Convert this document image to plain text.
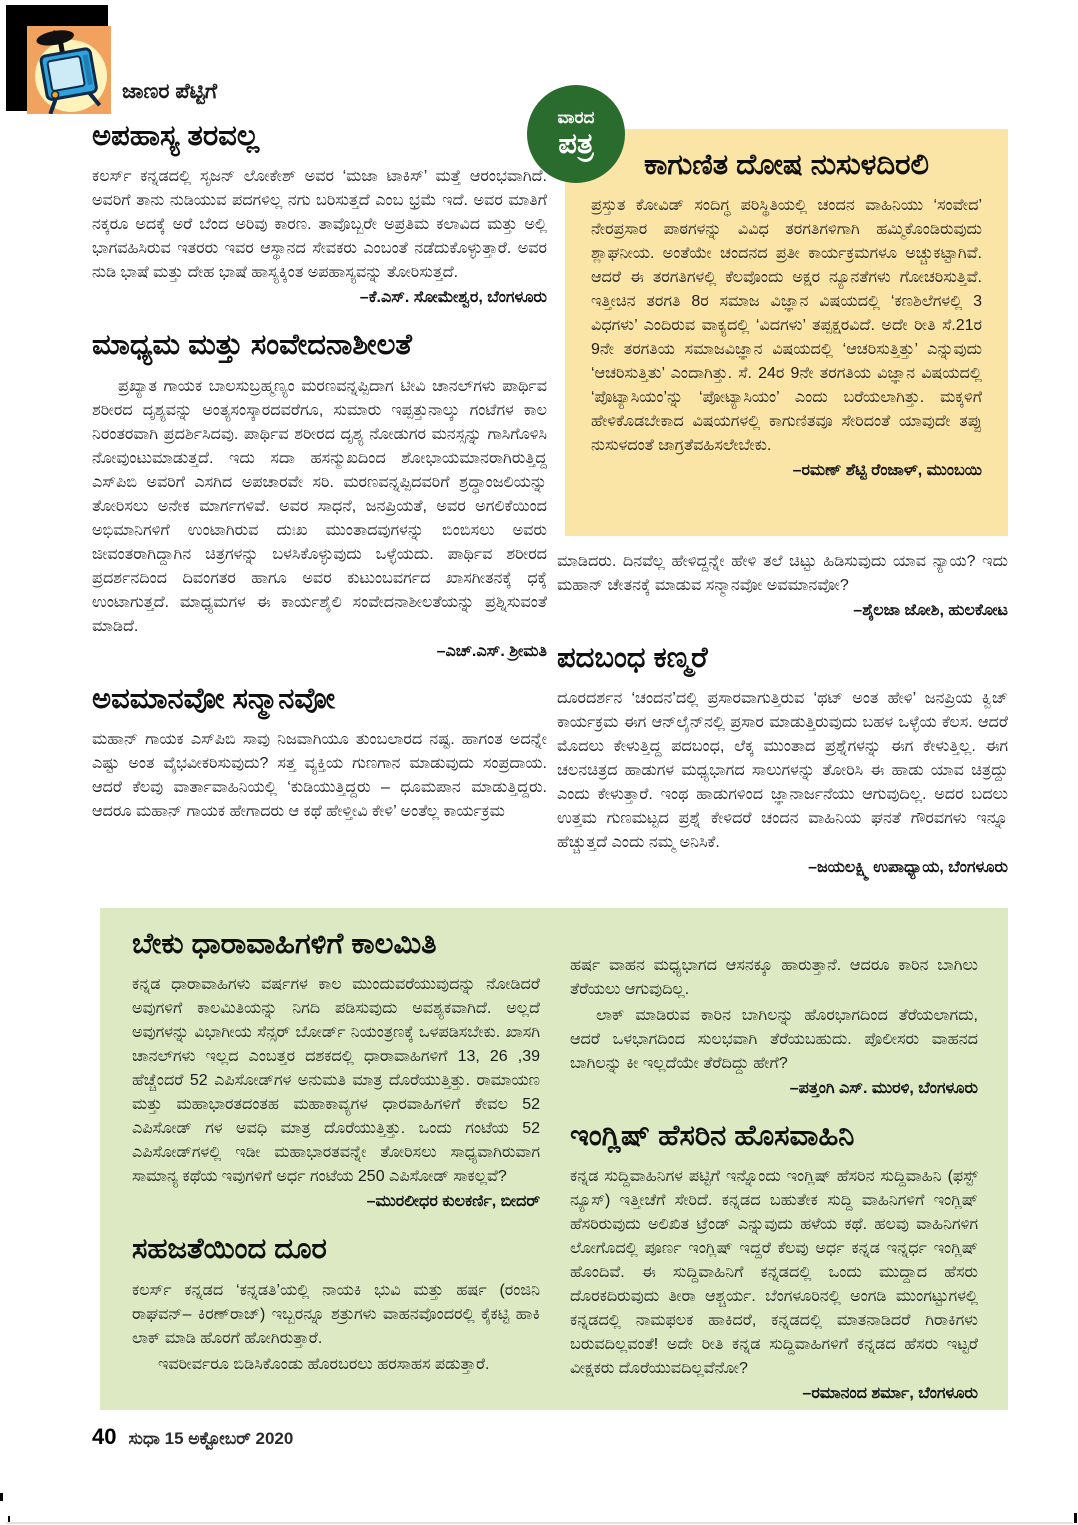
ಜಾಣರ ಪೆಟ್ಟಿಗೆ
ವಾರದ
ಪತ್ರ
ಕಾಗುಣಿತ ದೋಷ ನುಸುಳದಿರಲಿ

ಪ್ರಸ್ತುತ ಕೋವಿಡ್ ಸಂದಿಗ್ಧ ಪರಿಸ್ಥಿತಿಯಲ್ಲಿ ಚಂದನ ವಾಹಿನಿಯು ‘ಸಂವೇದ’ ನೇರಪ್ರಸಾರ ಪಾಠಗಳನ್ನು ವಿವಿಧ ತರಗತಿಗಳಿಗಾಗಿ ಹಮ್ಮಿಕೊಂಡಿರುವುದು ಶ್ಲಾಘನೀಯ. ಅಂತೆಯೇ ಚಂದನದ ಪ್ರತೀ ಕಾರ್ಯಕ್ರಮಗಳೂ ಅಚ್ಚುಕಟ್ಟಾಗಿವೆ. ಆದರೆ ಈ ತರಗತಿಗಳಲ್ಲಿ ಕೆಲವೊಂದು ಅಕ್ಷರ ನ್ಯೂನತೆಗಳು ಗೋಚರಿಸುತ್ತಿವೆ. ಇತ್ತೀಚಿನ ತರಗತಿ 8ರ ಸಮಾಜ ವಿಜ್ಞಾನ ವಿಷಯದಲ್ಲಿ ‘ಕಣಶಿಲೆಗಳಲ್ಲಿ 3 ವಿಧಗಳು’ ಎಂದಿರುವ ವಾಕ್ಯದಲ್ಲಿ ‘ವಿದಗಳು’ ತಪ್ಪಕ್ಷರವಿದೆ. ಅದೇ ರೀತಿ ಸೆ.21ರ 9ನೇ ತರಗತಿಯ ಸಮಾಜವಿಜ್ಞಾನ ವಿಷಯದಲ್ಲಿ ‘ಆಚರಿಸುತ್ತಿತ್ತು’ ಎನ್ನುವುದು ‘ಆಚರಿಸುತ್ತಿತು’ ಎಂದಾಗಿತ್ತು. ಸೆ. 24ರ 9ನೇ ತರಗತಿಯ ವಿಜ್ಞಾನ ವಿಷಯದಲ್ಲಿ ‘ಪೊಟ್ಯಾಸಿಯಂ’ನ್ನು ‘ಪೋಟ್ಯಾಸಿಯಂ’ ಎಂದು ಬರೆಯಲಾಗಿತ್ತು. ಮಕ್ಕಳಿಗೆ ಹೇಳಿಕೊಡಬೇಕಾದ ವಿಷಯಗಳಲ್ಲಿ ಕಾಗುಣಿತವೂ ಸೇರಿದಂತೆ ಯಾವುದೇ ತಪ್ಪು ನುಸುಳದಂತೆ ಜಾಗ್ರತೆವಹಿಸಲೇಬೇಕು.

–ರಮಣ್ ಶೆಟ್ಟಿ ರೆಂಜಾಳ್, ಮುಂಬಯಿ
ಅಪಹಾಸ್ಯ ತರವಲ್ಲ

ಕಲರ್ಸ್ ಕನ್ನಡದಲ್ಲಿ ಸೃಜನ್ ಲೋಕೇಶ್ ಅವರ ‘ಮಜಾ ಟಾಕಿಸ್’ ಮತ್ತೆ ಆರಂಭವಾಗಿದೆ. ಅವರಿಗೆ ತಾನು ನುಡಿಯುವ ಪದಗಳಿಲ್ಲ ನಗು ಬರಿಸುತ್ತದೆ ಎಂಬ ಭ್ರಮೆ ಇದೆ. ಅವರ ಮಾತಿಗೆ ನಕ್ಕರೂ ಅದಕ್ಕೆ ಅರೆ ಬೆಂದ ಅರಿವು ಕಾರಣ. ತಾವೊಬ್ಬರೇ ಅಪ್ರತಿಮ ಕಲಾವಿದ ಮತ್ತು ಅಲ್ಲಿ ಭಾಗವಹಿಸಿರುವ ಇತರರು ಇವರ ಆಸ್ಥಾನದ ಸೇವಕರು ಎಂಬಂತೆ ನಡೆದುಕೊಳ್ಳುತ್ತಾರೆ. ಅವರ ನುಡಿ ಭಾಷೆ ಮತ್ತು ದೇಹ ಭಾಷೆ ಹಾಸ್ಯಕ್ಕಿಂತ ಅಪಹಾಸ್ಯವನ್ನು ತೋರಿಸುತ್ತದೆ.

–ಕೆ.ಎಸ್. ಸೋಮೇಶ್ವರ, ಬೆಂಗಳೂರು
ಮಾಧ್ಯಮ ಮತ್ತು ಸಂವೇದನಾಶೀಲತೆ

ಪ್ರಖ್ಯಾತ ಗಾಯಕ ಬಾಲಸುಬ್ರಹ್ಮಣ್ಯಂ ಮರಣವನ್ನಪ್ಪಿದಾಗ ಟೀವಿ ಚಾನಲ್‌ಗಳು ಪಾರ್ಥಿವ ಶರೀರದ ದೃಶ್ಯವನ್ನು ಅಂತ್ಯಸಂಸ್ಕಾರದವರೆಗೂ, ಸುಮಾರು ಇಪ್ಪತ್ತುನಾಲ್ಕು ಗಂಟೆಗಳ ಕಾಲ ನಿರಂತರವಾಗಿ ಪ್ರದರ್ಶಿಸಿದವು. ಪಾರ್ಥಿವ ಶರೀರದ ದೃಶ್ಯ ನೋಡುಗರ ಮನಸ್ಸನ್ನು ಗಾಸಿಗೊಳಿಸಿ ನೋವುಂಟುಮಾಡುತ್ತದೆ. ಇದು ಸದಾ ಹಸನ್ಮುಖದಿಂದ ಶೋಭಾಯಮಾನರಾಗಿರುತ್ತಿದ್ದ ಎಸ್‌ಪಿಬಿ ಅವರಿಗೆ ಎಸಗಿದ ಅಪಚಾರವೇ ಸರಿ. ಮರಣವನ್ನಪ್ಪಿದವರಿಗೆ ಶ್ರದ್ಧಾಂಜಲಿಯನ್ನು ತೋರಿಸಲು ಅನೇಕ ಮಾರ್ಗಗಳಿವೆ. ಅವರ ಸಾಧನೆ, ಜನಪ್ರಿಯತೆ, ಅವರ ಅಗಲಿಕೆಯಿಂದ ಅಭಿಮಾನಿಗಳಿಗೆ ಉಂಟಾಗಿರುವ ದುಃಖ ಮುಂತಾದವುಗಳನ್ನು ಬಿಂಬಿಸಲು ಅವರು ಜೀವಂತರಾಗಿದ್ದಾಗಿನ ಚಿತ್ರಗಳನ್ನು ಬಳಸಿಕೊಳ್ಳುವುದು ಒಳ್ಳೆಯದು. ಪಾರ್ಥಿವ ಶರೀರದ ಪ್ರದರ್ಶನದಿಂದ ದಿವಂಗತರ ಹಾಗೂ ಅವರ ಕುಟುಂಬವರ್ಗದ ಖಾಸಗೀತನಕ್ಕೆ ಧಕ್ಕೆ ಉಂಟಾಗುತ್ತದೆ. ಮಾಧ್ಯಮಗಳ ಈ ಕಾರ್ಯಶೈಲಿ ಸಂವೇದನಾಶೀಲತೆಯನ್ನು ಪ್ರಶ್ನಿಸುವಂತೆ ಮಾಡಿದೆ.

–ಎಚ್.ಎಸ್. ಶ್ರೀಮತಿ
ಅವಮಾನವೋ ಸನ್ಮಾನವೋ

ಮಹಾನ್ ಗಾಯಕ ಎಸ್‌ಪಿಬಿ ಸಾವು ನಿಜವಾಗಿಯೂ ತುಂಬಲಾರದ ನಷ್ಟ. ಹಾಗಂತ ಅದನ್ನೇ ಎಷ್ಟು ಅಂತ ವೈಭವೀಕರಿಸುವುದು? ಸತ್ತ ವ್ಯಕ್ತಿಯ ಗುಣಗಾನ ಮಾಡುವುದು ಸಂಪ್ರದಾಯ. ಆದರೆ ಕೆಲವು ವಾರ್ತಾವಾಹಿನಿಯಲ್ಲಿ ‘ಕುಡಿಯುತ್ತಿದ್ದರು – ಧೂಮಪಾನ ಮಾಡುತ್ತಿದ್ದರು. ಆದರೂ ಮಹಾನ್ ಗಾಯಕ ಹೇಗಾದರು ಆ ಕಥೆ ಹೇಳ್ತೀವಿ ಕೇಳಿ’ ಅಂತೆಲ್ಲ ಕಾರ್ಯಕ್ರಮ

ಮಾಡಿದರು. ದಿನವೆಲ್ಲ ಹೇಳಿದ್ದನ್ನೇ ಹೇಳಿ ತಲೆ ಚಿಟ್ಟು ಹಿಡಿಸುವುದು ಯಾವ ನ್ಯಾಯ? ಇದು ಮಹಾನ್ ಚೇತನಕ್ಕೆ ಮಾಡುವ ಸನ್ಮಾನವೋ ಅವಮಾನವೋ?

–ಶೈಲಜಾ ಜೋಶಿ, ಹುಲಕೋಟ
ಪದಬಂಧ ಕಣ್ಮರೆ

ದೂರದರ್ಶನ ‘ಚಂದನ’ದಲ್ಲಿ ಪ್ರಸಾರವಾಗುತ್ತಿರುವ ‘ಥಟ್ ಅಂತ ಹೇಳಿ’ ಜನಪ್ರಿಯ ಕ್ವಿಜ್ ಕಾರ್ಯಕ್ರಮ ಈಗ ಆನ್‌ಲೈನ್‌ನಲ್ಲಿ ಪ್ರಸಾರ ಮಾಡುತ್ತಿರುವುದು ಬಹಳ ಒಳ್ಳೆಯ ಕೆಲಸ. ಆದರೆ ಮೊದಲು ಕೇಳುತ್ತಿದ್ದ ಪದಬಂಧ, ಲೆಕ್ಕ ಮುಂತಾದ ಪ್ರಶ್ನೆಗಳನ್ನು ಈಗ ಕೇಳುತ್ತಿಲ್ಲ. ಈಗ ಚಲನಚಿತ್ರದ ಹಾಡುಗಳ ಮಧ್ಯಭಾಗದ ಸಾಲುಗಳನ್ನು ತೋರಿಸಿ ಈ ಹಾಡು ಯಾವ ಚಿತ್ರದ್ದು ಎಂದು ಕೇಳುತ್ತಾರೆ. ಇಂಥ ಹಾಡುಗಳಿಂದ ಜ್ಞಾನಾರ್ಜನೆಯು ಆಗುವುದಿಲ್ಲ. ಅದರ ಬದಲು ಉತ್ತಮ ಗುಣಮಟ್ಟದ ಪ್ರಶ್ನೆ ಕೇಳಿದರೆ ಚಂದನ ವಾಹಿನಿಯ ಘನತೆ ಗೌರವಗಳು ಇನ್ನೂ ಹೆಚ್ಚುತ್ತದೆ ಎಂದು ನಮ್ಮ ಅನಿಸಿಕೆ.

–ಜಯಲಕ್ಷ್ಮಿ ಉಪಾಧ್ಯಾಯ, ಬೆಂಗಳೂರು
ಬೇಕು ಧಾರಾವಾಹಿಗಳಿಗೆ ಕಾಲಮಿತಿ

ಕನ್ನಡ ಧಾರಾವಾಹಿಗಳು ವರ್ಷಗಳ ಕಾಲ ಮುಂದುವರೆಯುವುದನ್ನು ನೋಡಿದರೆ ಅವುಗಳಿಗೆ ಕಾಲಮಿತಿಯನ್ನು ನಿಗದಿ ಪಡಿಸುವುದು ಅವಶ್ಯಕವಾಗಿದೆ. ಅಲ್ಲದೆ ಅವುಗಳನ್ನು ವಿಭಾಗೀಯ ಸೆನ್ಸರ್ ಬೋರ್ಡ್ ನಿಯಂತ್ರಣಕ್ಕೆ ಒಳಪಡಿಸಬೇಕು. ಖಾಸಗಿ ಚಾನಲ್‌ಗಳು ಇಲ್ಲದ ಎಂಬತ್ತರ ದಶಕದಲ್ಲಿ ಧಾರಾವಾಹಿಗಳಿಗೆ 13, 26 ,39 ಹೆಚ್ಚೆಂದರೆ 52 ಎಪಿಸೋಡ್‌ಗಳ ಅನುಮತಿ ಮಾತ್ರ ದೊರೆಯುತ್ತಿತ್ತು. ರಾಮಾಯಣ ಮತ್ತು ಮಹಾಭಾರತದಂತಹ ಮಹಾಕಾವ್ಯಗಳ ಧಾರವಾಹಿಗಳಿಗೆ ಕೇವಲ 52 ಎಪಿಸೋಡ್ ಗಳ ಅವಧಿ ಮಾತ್ರ ದೊರೆಯುತ್ತಿತ್ತು. ಒಂದು ಗಂಟೆಯ 52 ಎಪಿಸೋಡ್‌ಗಳಲ್ಲಿ ಇಡೀ ಮಹಾಭಾರತವನ್ನೇ ತೋರಿಸಲು ಸಾಧ್ಯವಾಗಿರುವಾಗ ಸಾಮಾನ್ಯ ಕಥೆಯ ಇವುಗಳಿಗೆ ಅರ್ಧ ಗಂಟೆಯ 250 ಎಪಿಸೋಡ್ ಸಾಕಲ್ಲವೆ?

–ಮುರಲೀಧರ ಕುಲಕರ್ಣಿ, ಬೀದರ್
ಸಹಜತೆಯಿಂದ ದೂರ

ಕಲರ್ಸ್ ಕನ್ನಡದ ‘ಕನ್ನಡತಿ’ಯಲ್ಲಿ ನಾಯಕಿ ಭುವಿ ಮತ್ತು ಹರ್ಷ (ರಂಜಿನಿ ರಾಘವನ್– ಕಿರಣ್‌ರಾಜ್) ಇಬ್ಬರನ್ನೂ ಶತ್ರುಗಳು ವಾಹನವೊಂದರಲ್ಲಿ ಕೈಕಟ್ಟಿ ಹಾಕಿ ಲಾಕ್ ಮಾಡಿ ಹೊರಗೆ ಹೋಗಿರುತ್ತಾರೆ.

ಇವರೀರ್ವರೂ ಬಿಡಿಸಿಕೊಂಡು ಹೊರಬರಲು ಹರಸಾಹಸ ಪಡುತ್ತಾರೆ.

ಹರ್ಷ ವಾಹನ ಮಧ್ಯಭಾಗದ ಆಸನಕ್ಕೂ ಹಾರುತ್ತಾನೆ. ಆದರೂ ಕಾರಿನ ಬಾಗಿಲು ತೆರೆಯಲು ಆಗುವುದಿಲ್ಲ.

ಲಾಕ್ ಮಾಡಿರುವ ಕಾರಿನ ಬಾಗಿಲನ್ನು ಹೊರಭಾಗದಿಂದ ತೆರೆಯಲಾಗದು, ಆದರೆ ಒಳಭಾಗದಿಂದ ಸುಲಭವಾಗಿ ತೆರೆಯಬಹುದು. ಪೊಲೀಸರು ವಾಹನದ ಬಾಗಿಲನ್ನು ಕೀ ಇಲ್ಲದೆಯೇ ತೆರೆದಿದ್ದು ಹೇಗೆ?

–ಪತ್ತಂಗಿ ಎಸ್. ಮುರಳಿ, ಬೆಂಗಳೂರು
ಇಂಗ್ಲಿಷ್ ಹೆಸರಿನ ಹೊಸವಾಹಿನಿ

ಕನ್ನಡ ಸುದ್ದಿವಾಹಿನಿಗಳ ಪಟ್ಟಿಗೆ ಇನ್ನೊಂದು ಇಂಗ್ಲಿಷ್ ಹೆಸರಿನ ಸುದ್ದಿವಾಹಿನಿ (ಫಸ್ಟ್ ನ್ಯೂಸ್) ಇತ್ತೀಚೆಗೆ ಸೇರಿದೆ. ಕನ್ನಡದ ಬಹುತೇಕ ಸುದ್ದಿ ವಾಹಿನಿಗಳಿಗೆ ಇಂಗ್ಲಿಷ್ ಹೆಸರಿರುವುದು ಅಲಿಖಿತ ಟ್ರೆಂಡ್ ಎನ್ನುವುದು ಹಳೆಯ ಕಥೆ. ಹಲವು ವಾಹಿನಿಗಳಿಗ ಲೋಗೊದಲ್ಲಿ ಪೂರ್ಣ ಇಂಗ್ಲಿಷ್ ಇದ್ದರೆ ಕೆಲವು ಅರ್ಧ ಕನ್ನಡ ಇನ್ನರ್ಧ ಇಂಗ್ಲಿಷ್ ಹೊಂದಿವೆ. ಈ ಸುದ್ದಿವಾಹಿನಿಗೆ ಕನ್ನಡದಲ್ಲಿ ಒಂದು ಮುದ್ದಾದ ಹೆಸರು ದೊರಕದಿರುವುದು ತೀರಾ ಆಶ್ಚರ್ಯ. ಬೆಂಗಳೂರಿನಲ್ಲಿ ಅಂಗಡಿ ಮುಂಗಟ್ಟುಗಳಲ್ಲಿ ಕನ್ನಡದಲ್ಲಿ ನಾಮಫಲಕ ಹಾಕಿದರೆ, ಕನ್ನಡದಲ್ಲಿ ಮಾತನಾಡಿದರೆ ಗಿರಾಕಿಗಳು ಬರುವದಿಲ್ಲವಂತೆ! ಅದೇ ರೀತಿ ಕನ್ನಡ ಸುದ್ದಿವಾಹಿಗಳಿಗೆ ಕನ್ನಡದ ಹೆಸರು ಇಟ್ಟರೆ ವೀಕ್ಷಕರು ದೊರೆಯುವದಿಲ್ಲವೆನೋ?

–ರಮಾನಂದ ಶರ್ಮಾ, ಬೆಂಗಳೂರು
40 ಸುಧಾ 15 ಅಕ್ಟೋಬರ್ 2020
